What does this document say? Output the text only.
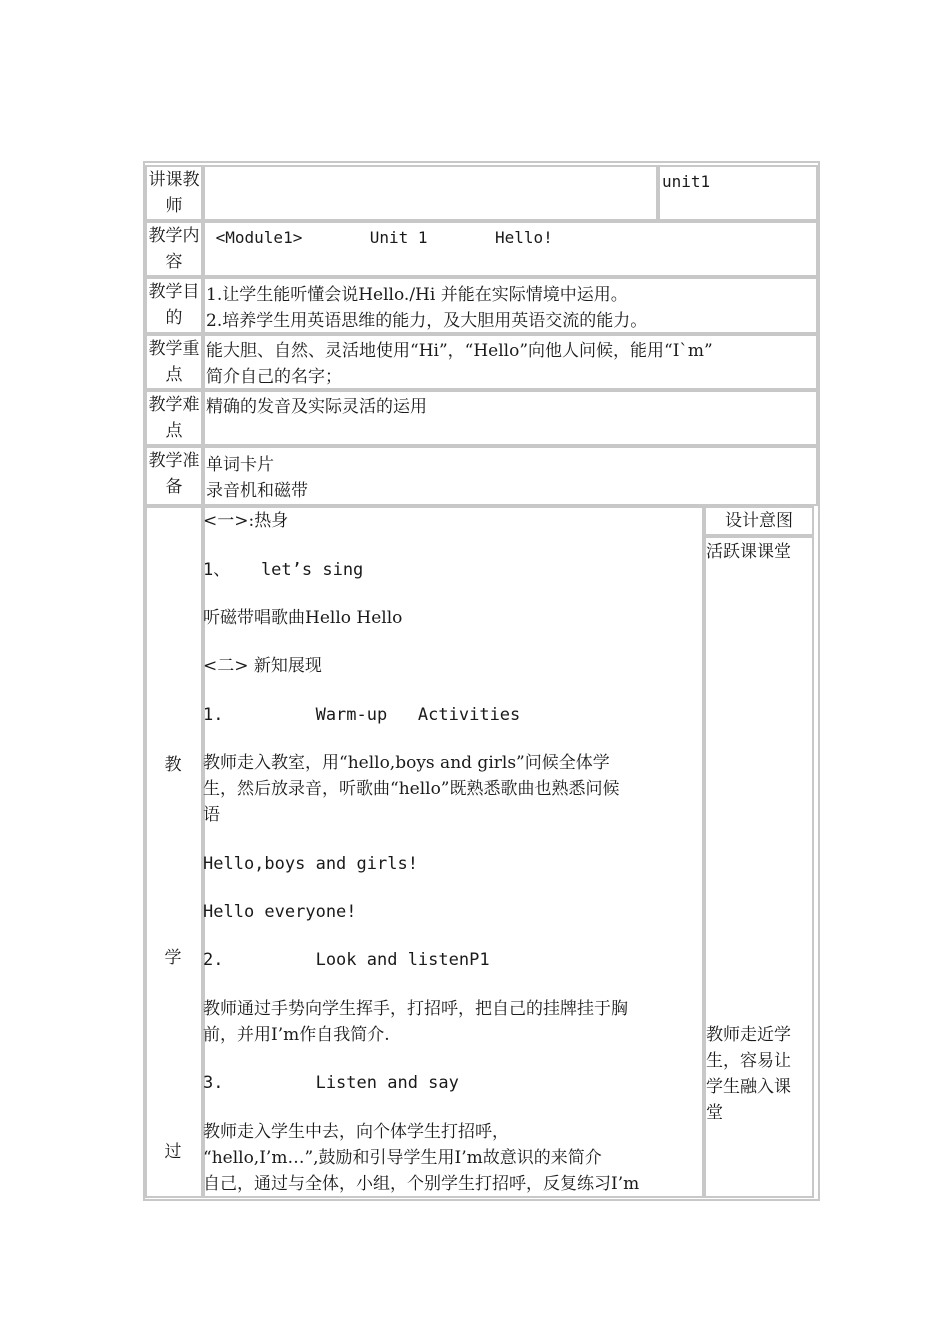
讲课教师
unit1
教学内容
<Module1>       Unit 1       Hello!
教学目的
1.让学生能听懂会说Hello./Hi 并能在实际情境中运用。
2.培养学生用英语思维的能力，及大胆用英语交流的能力。
教学重点
能大胆、自然、灵活地使用“Hi”，“Hello”向他人问候，能用“I`m”
简介自己的名字；
教学难点
精确的发音及实际灵活的运用
教学准备
单词卡片
录音机和磁带
教
学
过
设计意图
活跃课课堂
教师走近学
生，容易让
学生融入课
堂
<一>:热身
1、   let’s sing
听磁带唱歌曲Hello Hello
<二> 新知展现
1.         Warm-up   Activities
教师走入教室，用“hello,boys and girls”问候全体学
生，然后放录音，听歌曲“hello”既熟悉歌曲也熟悉问候
语
Hello,boys and girls!
Hello everyone!
2.         Look and listenP1
教师通过手势向学生挥手，打招呼，把自己的挂牌挂于胸
前，并用I’m作自我简介.
3.         Listen and say
教师走入学生中去，向个体学生打招呼，
“hello,I’m…”,鼓励和引导学生用I’m故意识的来简介
自己，通过与全体，小组，个别学生打招呼，反复练习I’m
